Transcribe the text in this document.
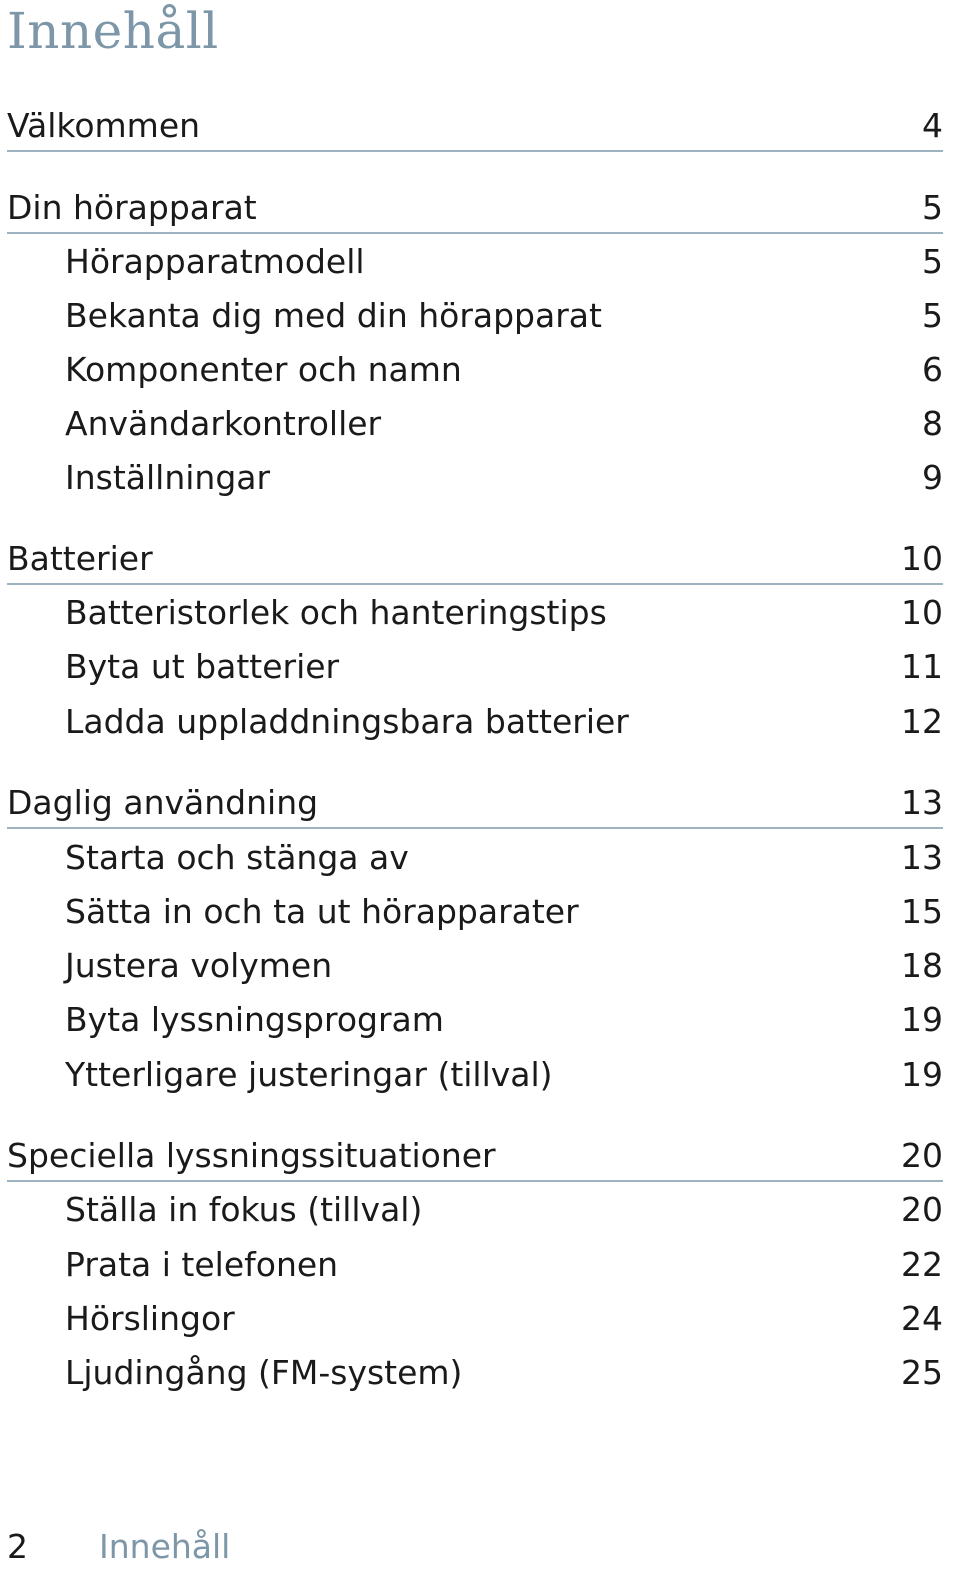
Innehåll
Välkommen	4
Din hörapparat	5
Hörapparatmodell	5
Bekanta dig med din hörapparat	5
Komponenter och namn	6
Användarkontroller	8
Inställningar	9
Batterier	10
Batteristorlek och hanteringstips	10
Byta ut batterier	11
Ladda uppladdningsbara batterier	12
Daglig användning	13
Starta och stänga av	13
Sätta in och ta ut hörapparater	15
Justera volymen	18
Byta lyssningsprogram	19
Ytterligare justeringar (tillval)	19
Speciella lyssningssituationer	20
Ställa in fokus (tillval)	20
Prata i telefonen	22
Hörslingor	24
Ljudingång (FM-system)	25
2 Innehåll
